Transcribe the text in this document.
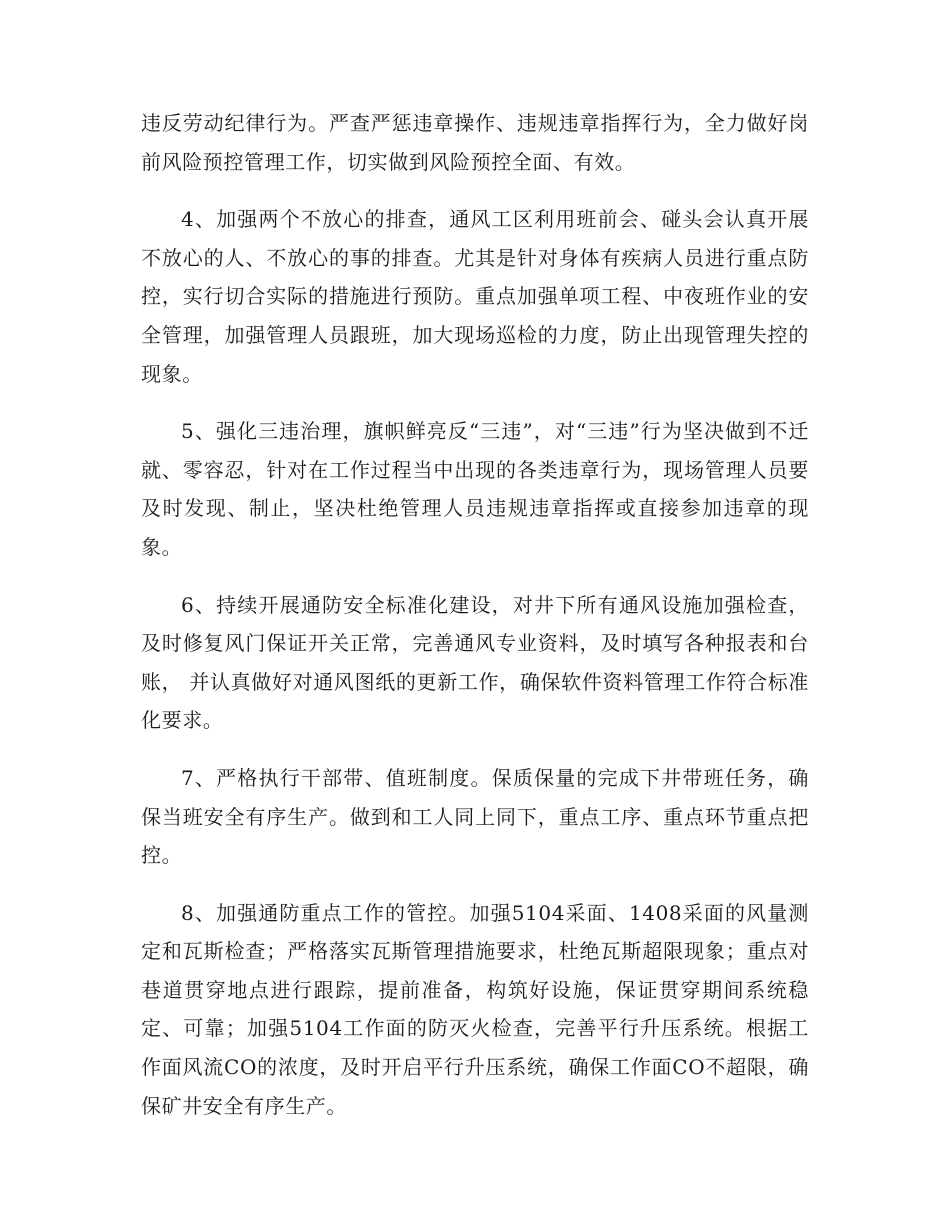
违反劳动纪律行为。严查严惩违章操作、违规违章指挥行为，全力做好岗前风险预控管理工作，切实做到风险预控全面、有效。

4、加强两个不放心的排查，通风工区利用班前会、碰头会认真开展不放心的人、不放心的事的排查。尤其是针对身体有疾病人员进行重点防控，实行切合实际的措施进行预防。重点加强单项工程、中夜班作业的安全管理，加强管理人员跟班，加大现场巡检的力度，防止出现管理失控的现象。

5、强化三违治理，旗帜鲜亮反“三违”，对“三违”行为坚决做到不迁就、零容忍，针对在工作过程当中出现的各类违章行为，现场管理人员要及时发现、制止，坚决杜绝管理人员违规违章指挥或直接参加违章的现象。

6、持续开展通防安全标准化建设，对井下所有通风设施加强检查，及时修复风门保证开关正常，完善通风专业资料，及时填写各种报表和台账， 并认真做好对通风图纸的更新工作，确保软件资料管理工作符合标准化要求。

7、严格执行干部带、值班制度。保质保量的完成下井带班任务，确保当班安全有序生产。做到和工人同上同下，重点工序、重点环节重点把控。

8、加强通防重点工作的管控。加强5104采面、1408采面的风量测定和瓦斯检查；严格落实瓦斯管理措施要求，杜绝瓦斯超限现象；重点对巷道贯穿地点进行跟踪，提前准备，构筑好设施，保证贯穿期间系统稳定、可靠；加强5104工作面的防灭火检查，完善平行升压系统。根据工作面风流CO的浓度，及时开启平行升压系统，确保工作面CO不超限，确保矿井安全有序生产。
